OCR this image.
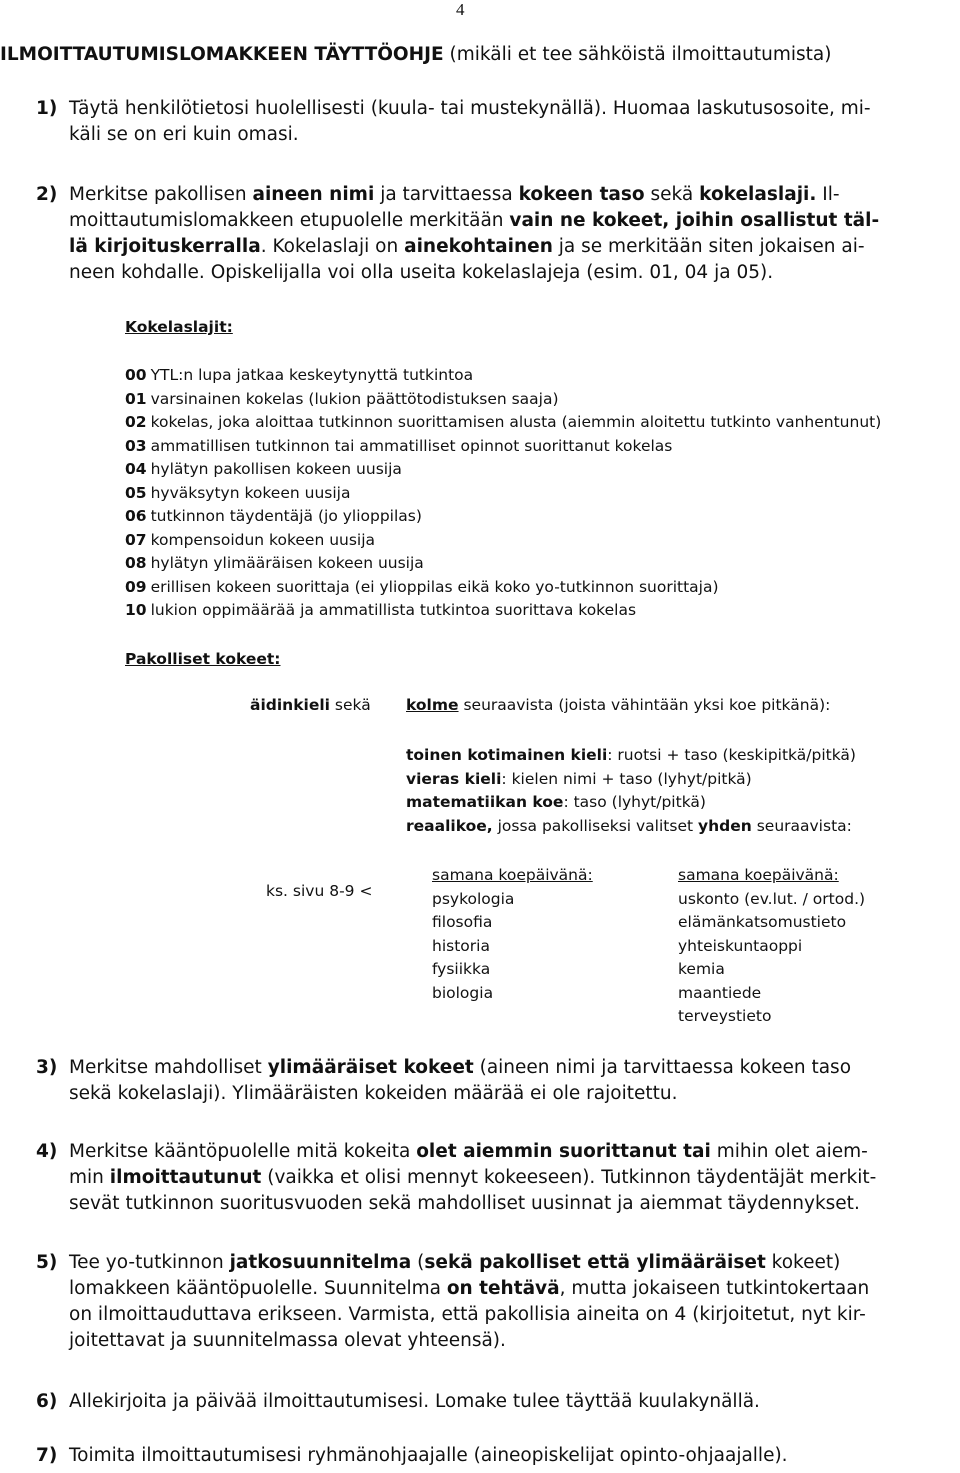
4
ILMOITTAUTUMISLOMAKKEEN TÄYTTÖOHJE (mikäli et tee sähköistä ilmoittautumista)
1) Täytä henkilötietosi huolellisesti (kuula- tai mustekynällä). Huomaa laskutusosoite, mi-
käli se on eri kuin omasi.
2) Merkitse pakollisen aineen nimi ja tarvittaessa kokeen taso sekä kokelaslaji. Il-
moittautumislomakkeen etupuolelle merkitään vain ne kokeet, joihin osallistut täl-
lä kirjoituskerralla. Kokelaslaji on ainekohtainen ja se merkitään siten jokaisen ai-
neen kohdalle. Opiskelijalla voi olla useita kokelaslajeja (esim. 01, 04 ja 05).
Kokelaslajit:
00 YTL:n lupa jatkaa keskeytynyttä tutkintoa
01 varsinainen kokelas (lukion päättötodistuksen saaja)
02 kokelas, joka aloittaa tutkinnon suorittamisen alusta (aiemmin aloitettu tutkinto vanhentunut)
03 ammatillisen tutkinnon tai ammatilliset opinnot suorittanut kokelas
04 hylätyn pakollisen kokeen uusija
05 hyväksytyn kokeen uusija
06 tutkinnon täydentäjä (jo ylioppilas)
07 kompensoidun kokeen uusija
08 hylätyn ylimääräisen kokeen uusija
09 erillisen kokeen suorittaja (ei ylioppilas eikä koko yo-tutkinnon suorittaja)
10 lukion oppimäärää ja ammatillista tutkintoa suorittava kokelas
Pakolliset kokeet:
äidinkieli sekä kolme seuraavista (joista vähintään yksi koe pitkänä):
toinen kotimainen kieli: ruotsi + taso (keskipitkä/pitkä)
vieras kieli: kielen nimi + taso (lyhyt/pitkä)
matematiikan koe: taso (lyhyt/pitkä)
reaalikoe, jossa pakolliseksi valitset yhden seuraavista:
ks. sivu 8-9 <
samana koepäivänä:
psykologia
filosofia
historia
fysiikka
biologia
samana koepäivänä:
uskonto (ev.lut. / ortod.)
elämänkatsomustieto
yhteiskuntaoppi
kemia
maantiede
terveystieto
3) Merkitse mahdolliset ylimääräiset kokeet (aineen nimi ja tarvittaessa kokeen taso
sekä kokelaslaji). Ylimääräisten kokeiden määrää ei ole rajoitettu.
4) Merkitse kääntöpuolelle mitä kokeita olet aiemmin suorittanut tai mihin olet aiem-
min ilmoittautunut (vaikka et olisi mennyt kokeeseen). Tutkinnon täydentäjät merkit-
sevät tutkinnon suoritusvuoden sekä mahdolliset uusinnat ja aiemmat täydennykset.
5) Tee yo-tutkinnon jatkosuunnitelma (sekä pakolliset että ylimääräiset kokeet)
lomakkeen kääntöpuolelle. Suunnitelma on tehtävä, mutta jokaiseen tutkintokertaan
on ilmoittauduttava erikseen. Varmista, että pakollisia aineita on 4 (kirjoitetut, nyt kir-
joitettavat ja suunnitelmassa olevat yhteensä).
6) Allekirjoita ja päivää ilmoittautumisesi. Lomake tulee täyttää kuulakynällä.
7) Toimita ilmoittautumisesi ryhmänohjaajalle (aineopiskelijat opinto-ohjaajalle).
